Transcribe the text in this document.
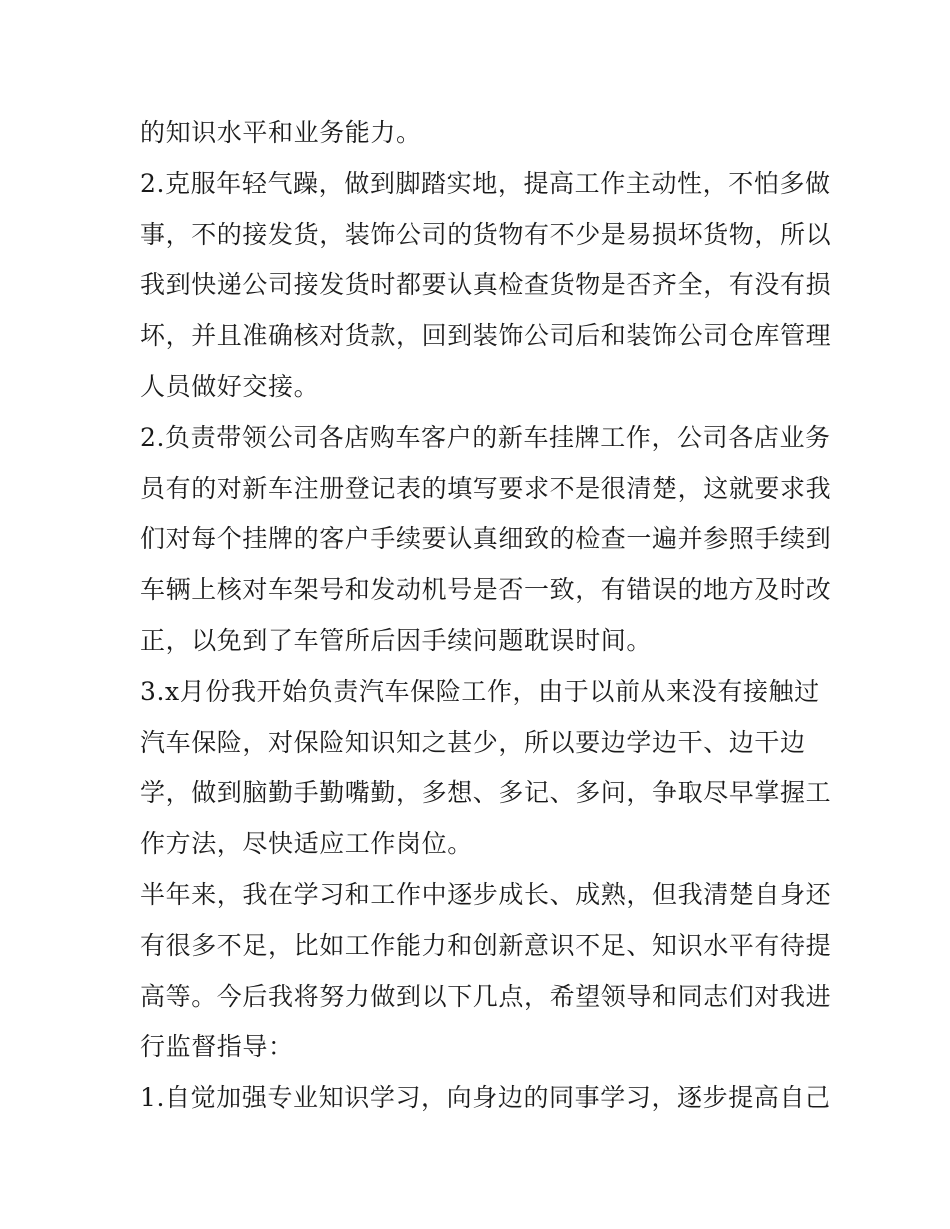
的知识水平和业务能力。
2.克服年轻气躁，做到脚踏实地，提高工作主动性，不怕多做
事，不的接发货，装饰公司的货物有不少是易损坏货物，所以
我到快递公司接发货时都要认真检查货物是否齐全，有没有损
坏，并且准确核对货款，回到装饰公司后和装饰公司仓库管理
人员做好交接。
2.负责带领公司各店购车客户的新车挂牌工作，公司各店业务
员有的对新车注册登记表的填写要求不是很清楚，这就要求我
们对每个挂牌的客户手续要认真细致的检查一遍并参照手续到
车辆上核对车架号和发动机号是否一致，有错误的地方及时改
正，以免到了车管所后因手续问题耽误时间。
3.x月份我开始负责汽车保险工作，由于以前从来没有接触过
汽车保险，对保险知识知之甚少，所以要边学边干、边干边
学，做到脑勤手勤嘴勤，多想、多记、多问，争取尽早掌握工
作方法，尽快适应工作岗位。
半年来，我在学习和工作中逐步成长、成熟，但我清楚自身还
有很多不足，比如工作能力和创新意识不足、知识水平有待提
高等。今后我将努力做到以下几点，希望领导和同志们对我进
行监督指导：
1.自觉加强专业知识学习，向身边的同事学习，逐步提高自己
